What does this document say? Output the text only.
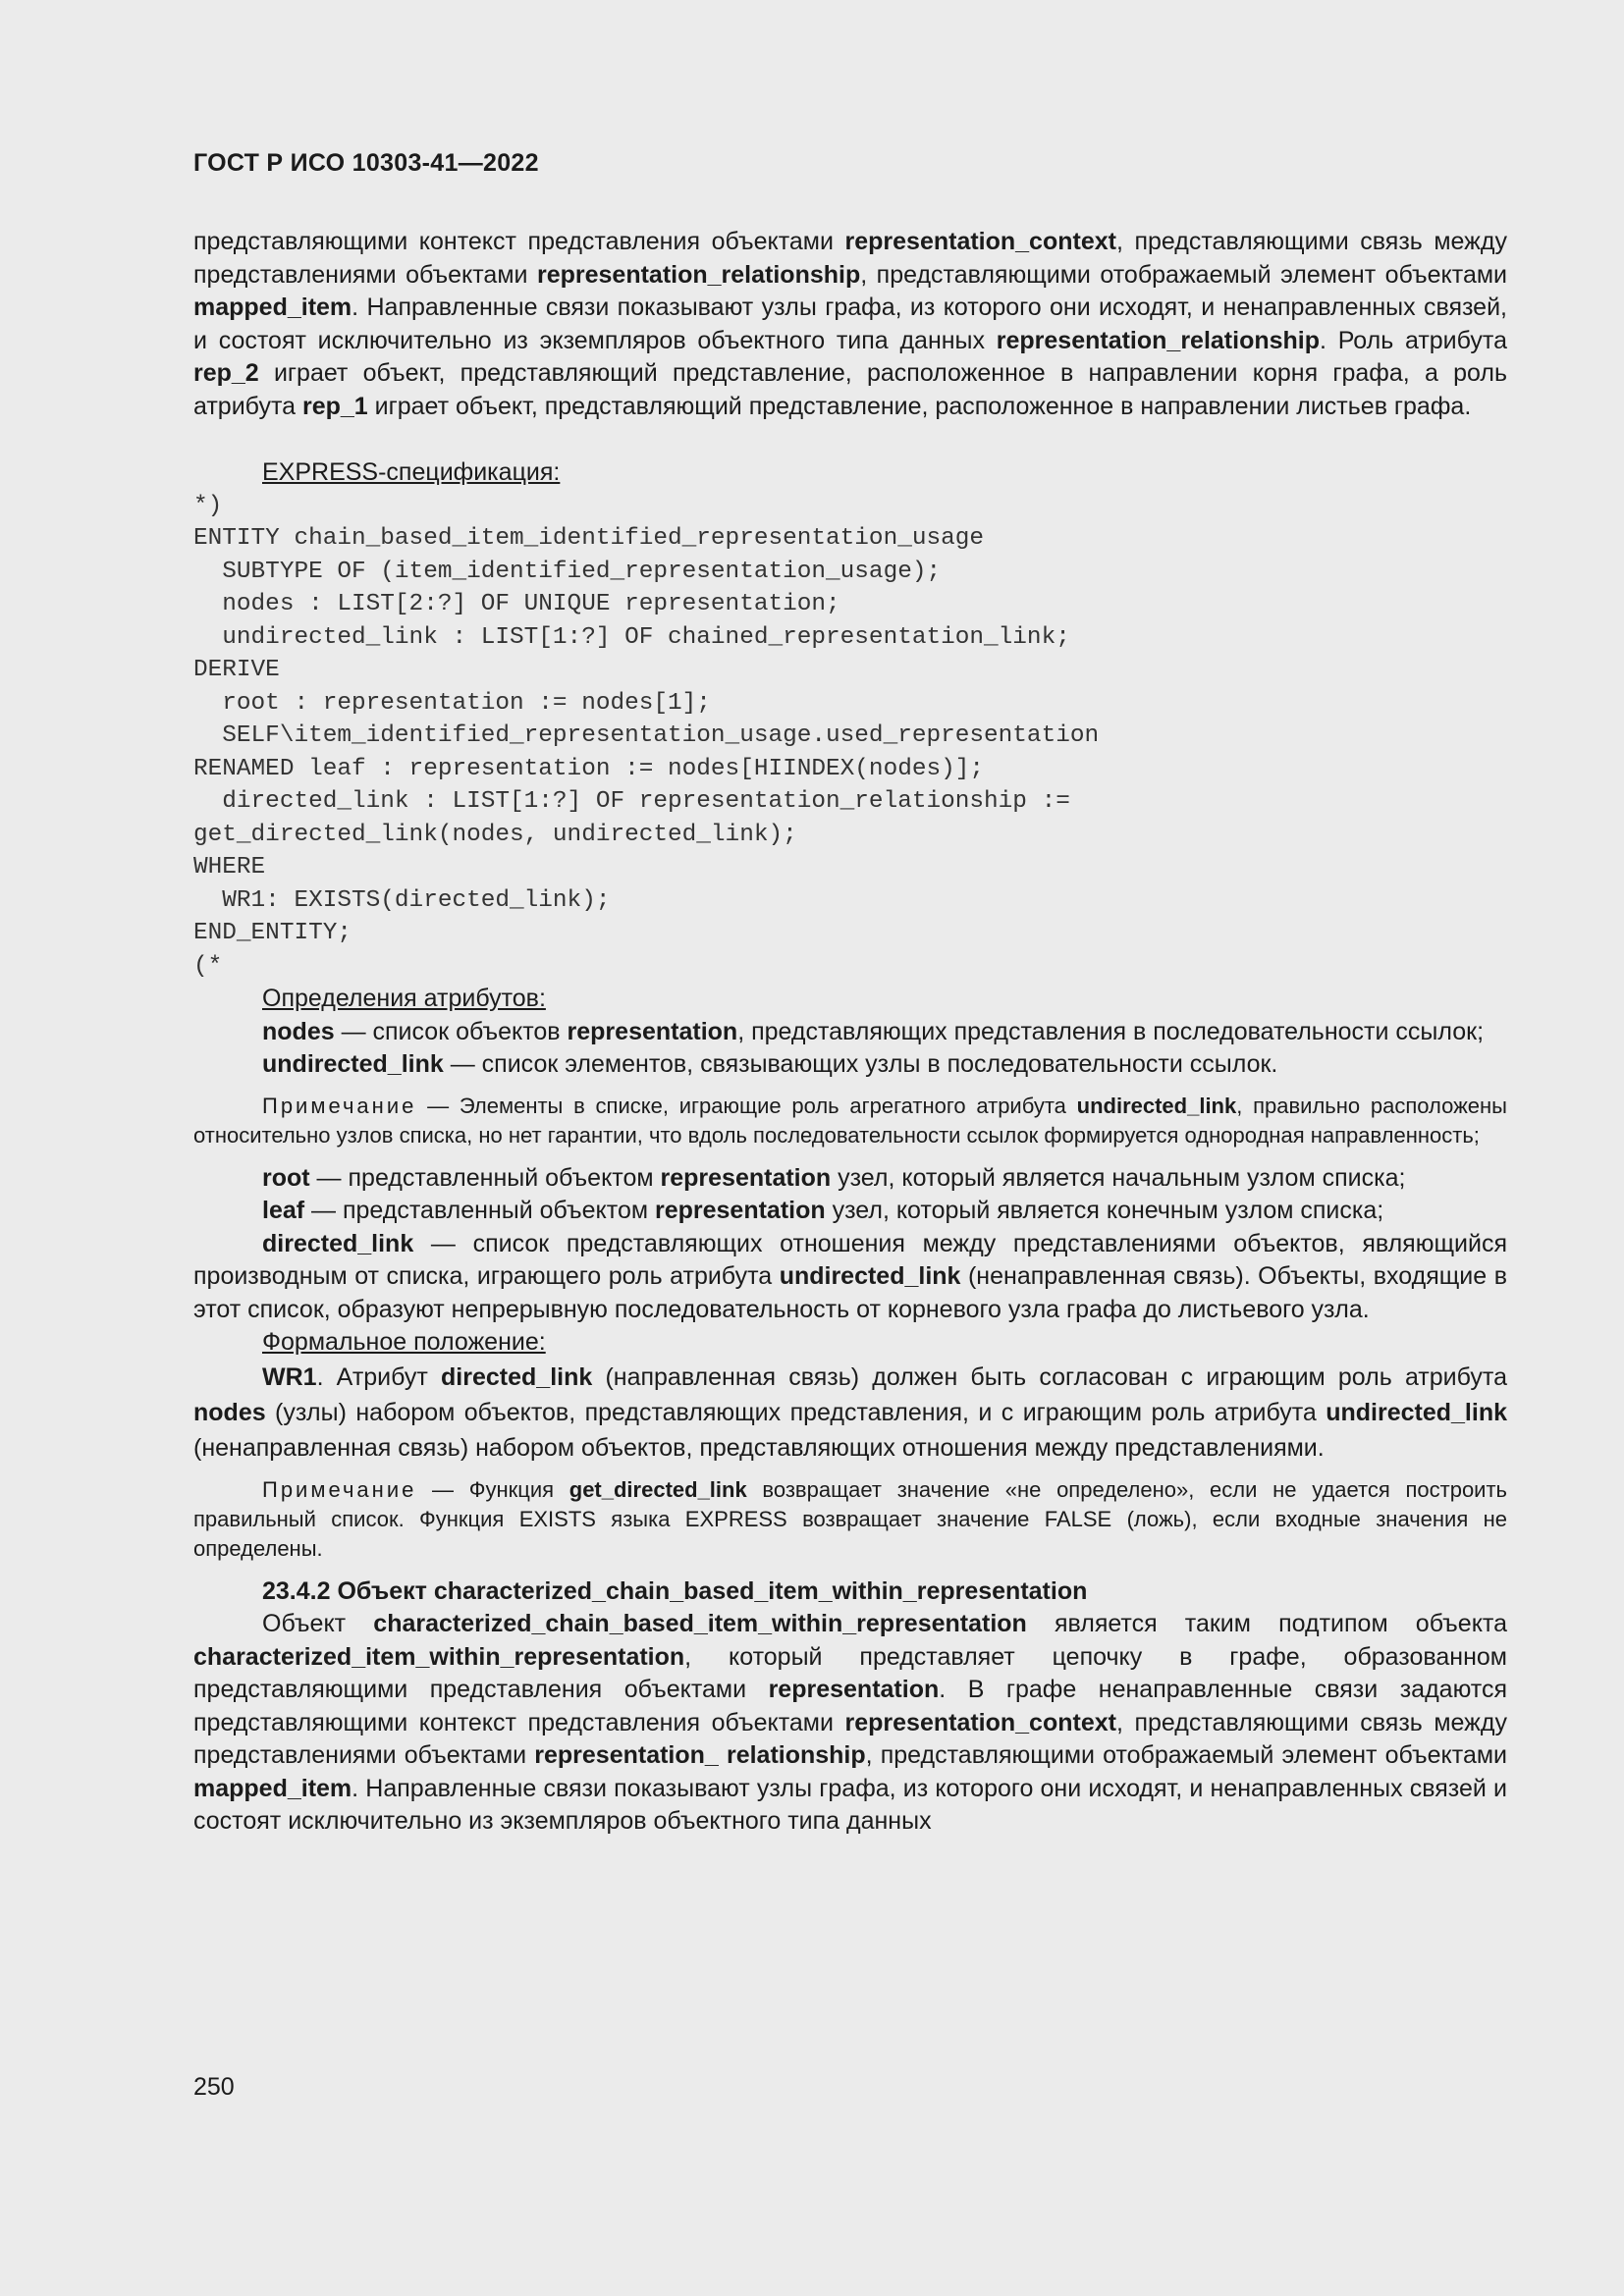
ГОСТ Р ИСО 10303-41—2022

представляющими контекст представления объектами representation_context, представляющими связь между представлениями объектами representation_relationship, представляющими отображаемый элемент объектами mapped_item. Направленные связи показывают узлы графа, из которого они исходят, и ненаправленных связей, и состоят исключительно из экземпляров объектного типа данных representation_relationship. Роль атрибута rep_2 играет объект, представляющий представление, расположенное в направлении корня графа, а роль атрибута rep_1 играет объект, представляющий представление, расположенное в направлении листьев графа.

EXPRESS-спецификация:

*)
ENTITY chain_based_item_identified_representation_usage
SUBTYPE OF (item_identified_representation_usage);
nodes : LIST[2:?] OF UNIQUE representation;
undirected_link : LIST[1:?] OF chained_representation_link;
DERIVE
root : representation := nodes[1];
SELF\item_identified_representation_usage.used_representation
RENAMED leaf : representation := nodes[HIINDEX(nodes)];
directed_link : LIST[1:?] OF representation_relationship :=
get_directed_link(nodes, undirected_link);
WHERE
WR1: EXISTS(directed_link);
END_ENTITY;
(*

Определения атрибутов:

nodes — список объектов representation, представляющих представления в последовательности ссылок;

undirected_link — список элементов, связывающих узлы в последовательности ссылок.

Примечание — Элементы в списке, играющие роль агрегатного атрибута undirected_link, правильно расположены относительно узлов списка, но нет гарантии, что вдоль последовательности ссылок формируется однородная направленность;

root — представленный объектом representation узел, который является начальным узлом списка;

leaf — представленный объектом representation узел, который является конечным узлом списка;

directed_link — список представляющих отношения между представлениями объектов, являющийся производным от списка, играющего роль атрибута undirected_link (ненаправленная связь). Объекты, входящие в этот список, образуют непрерывную последовательность от корневого узла графа до листьевого узла.

Формальное положение:

WR1. Атрибут directed_link (направленная связь) должен быть согласован с играющим роль атрибута nodes (узлы) набором объектов, представляющих представления, и с играющим роль атрибута undirected_link (ненаправленная связь) набором объектов, представляющих отношения между представлениями.

Примечание — Функция get_directed_link возвращает значение «не определено», если не удается построить правильный список. Функция EXISTS языка EXPRESS возвращает значение FALSE (ложь), если входные значения не определены.

23.4.2 Объект characterized_chain_based_item_within_representation

Объект characterized_chain_based_item_within_representation является таким подтипом объекта characterized_item_within_representation, который представляет цепочку в графе, образованном представляющими представления объектами representation. В графе ненаправленные связи задаются представляющими контекст представления объектами representation_context, представляющими связь между представлениями объектами representation_ relationship, представляющими отображаемый элемент объектами mapped_item. Направленные связи показывают узлы графа, из которого они исходят, и ненаправленных связей и состоят исключительно из экземпляров объектного типа данных

250
